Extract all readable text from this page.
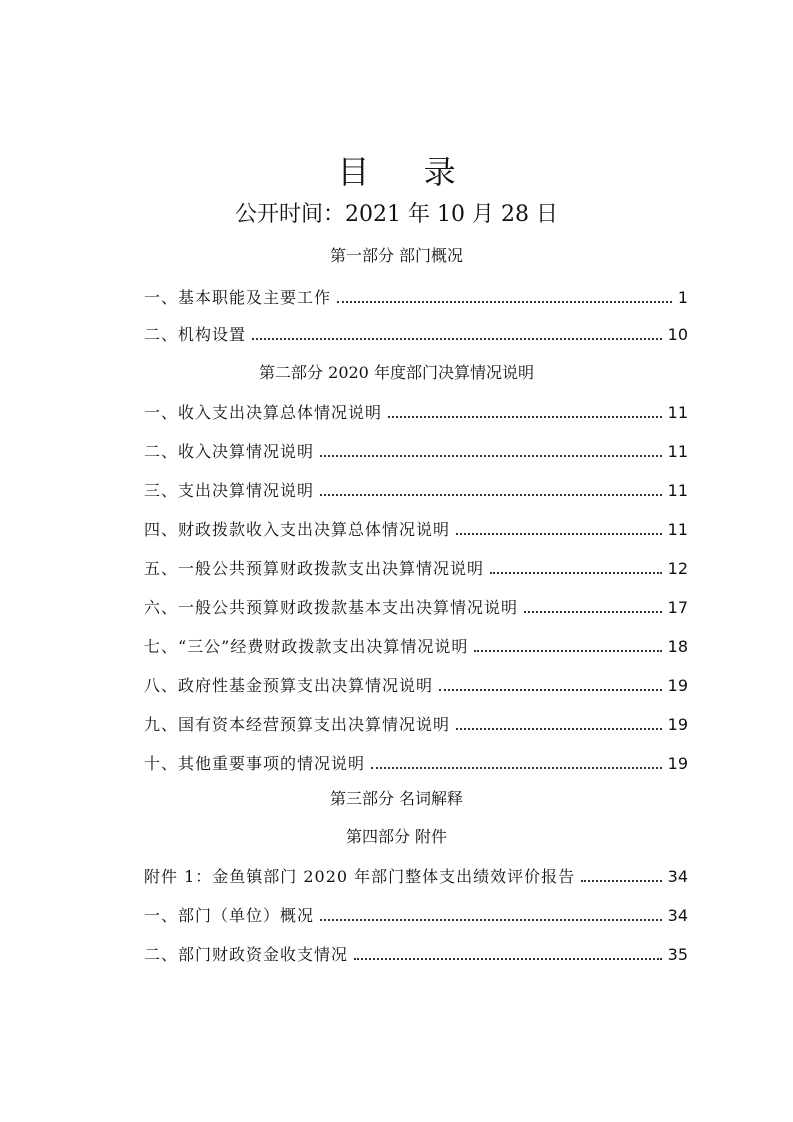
目 录
公开时间：2021 年 10 月 28 日
第一部分 部门概况
一、基本职能及主要工作	1
二、机构设置	10
第二部分 2020 年度部门决算情况说明
一、收入支出决算总体情况说明	11
二、收入决算情况说明	11
三、支出决算情况说明	11
四、财政拨款收入支出决算总体情况说明	11
五、一般公共预算财政拨款支出决算情况说明	12
六、一般公共预算财政拨款基本支出决算情况说明	17
七、“三公”经费财政拨款支出决算情况说明	18
八、政府性基金预算支出决算情况说明	19
九、国有资本经营预算支出决算情况说明	19
十、其他重要事项的情况说明	19
第三部分 名词解释
第四部分 附件
附件 1：金鱼镇部门 2020 年部门整体支出绩效评价报告	34
一、部门（单位）概况	34
二、部门财政资金收支情况	35
